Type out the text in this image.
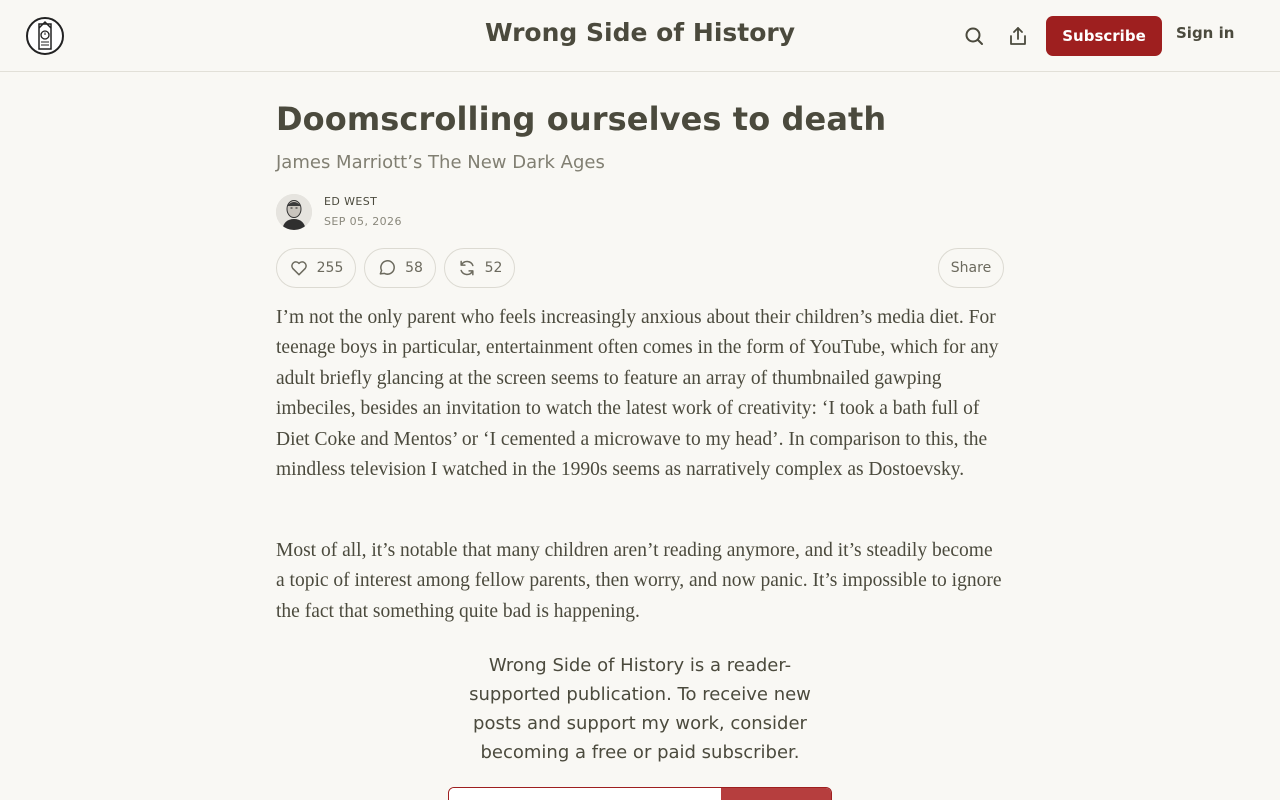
Wrong Side of History	Subscribe	Sign in
Doomscrolling ourselves to death
James Marriott’s The New Dark Ages
ED WEST
SEP 05, 2026
255	58	52	Share

I’m not the only parent who feels increasingly anxious about their children’s media diet. For teenage boys in particular, entertainment often comes in the form of YouTube, which for any adult briefly glancing at the screen seems to feature an array of thumbnailed gawping imbeciles, besides an invitation to watch the latest work of creativity: ‘I took a bath full of Diet Coke and Mentos’ or ‘I cemented a microwave to my head’. In comparison to this, the mindless television I watched in the 1990s seems as narratively complex as Dostoevsky.

Most of all, it’s notable that many children aren’t reading anymore, and it’s steadily become a topic of interest among fellow parents, then worry, and now panic. It’s impossible to ignore the fact that something quite bad is happening.

Wrong Side of History is a reader-supported publication. To receive new posts and support my work, consider becoming a free or paid subscriber.
